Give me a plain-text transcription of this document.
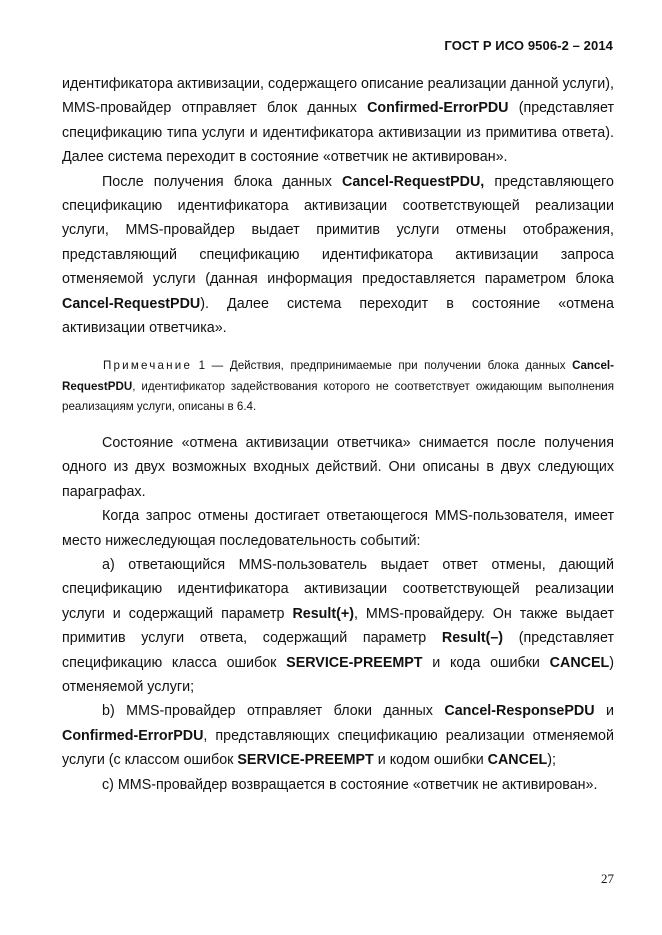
ГОСТ Р ИСО 9506-2 – 2014

идентификатора активизации, содержащего описание реализации данной услуги), MMS-провайдер отправляет блок данных Confirmed-ErrorPDU (представляет спецификацию типа услуги и идентификатора активизации из примитива ответа). Далее система переходит в состояние «ответчик не активирован».

После получения блока данных Cancel-RequestPDU, представляющего спецификацию идентификатора активизации соответствующей реализации услуги, MMS-провайдер выдает примитив услуги отмены отображения, представляющий спецификацию идентификатора активизации запроса отменяемой услуги (данная информация предоставляется параметром блока Cancel-RequestPDU). Далее система переходит в состояние «отмена активизации ответчика».

Примечание 1 — Действия, предпринимаемые при получении блока данных Cancel-RequestPDU, идентификатор задействования которого не соответствует ожидающим выполнения реализациям услуги, описаны в 6.4.

Состояние «отмена активизации ответчика» снимается после получения одного из двух возможных входных действий. Они описаны в двух следующих параграфах.

Когда запрос отмены достигает ответающегося MMS-пользователя, имеет место нижеследующая последовательность событий:

а) ответающийся MMS-пользователь выдает ответ отмены, дающий спецификацию идентификатора активизации соответствующей реализации услуги и содержащий параметр Result(+), MMS-провайдеру. Он также выдает примитив услуги ответа, содержащий параметр Result(–) (представляет спецификацию класса ошибок SERVICE-PREEMPT и кода ошибки CANCEL) отменяемой услуги;

b) MMS-провайдер отправляет блоки данных Cancel-ResponsePDU и Confirmed-ErrorPDU, представляющих спецификацию реализации отменяемой услуги (с классом ошибок SERVICE-PREEMPT и кодом ошибки CANCEL);

с) MMS-провайдер возвращается в состояние «ответчик не активирован».

27
